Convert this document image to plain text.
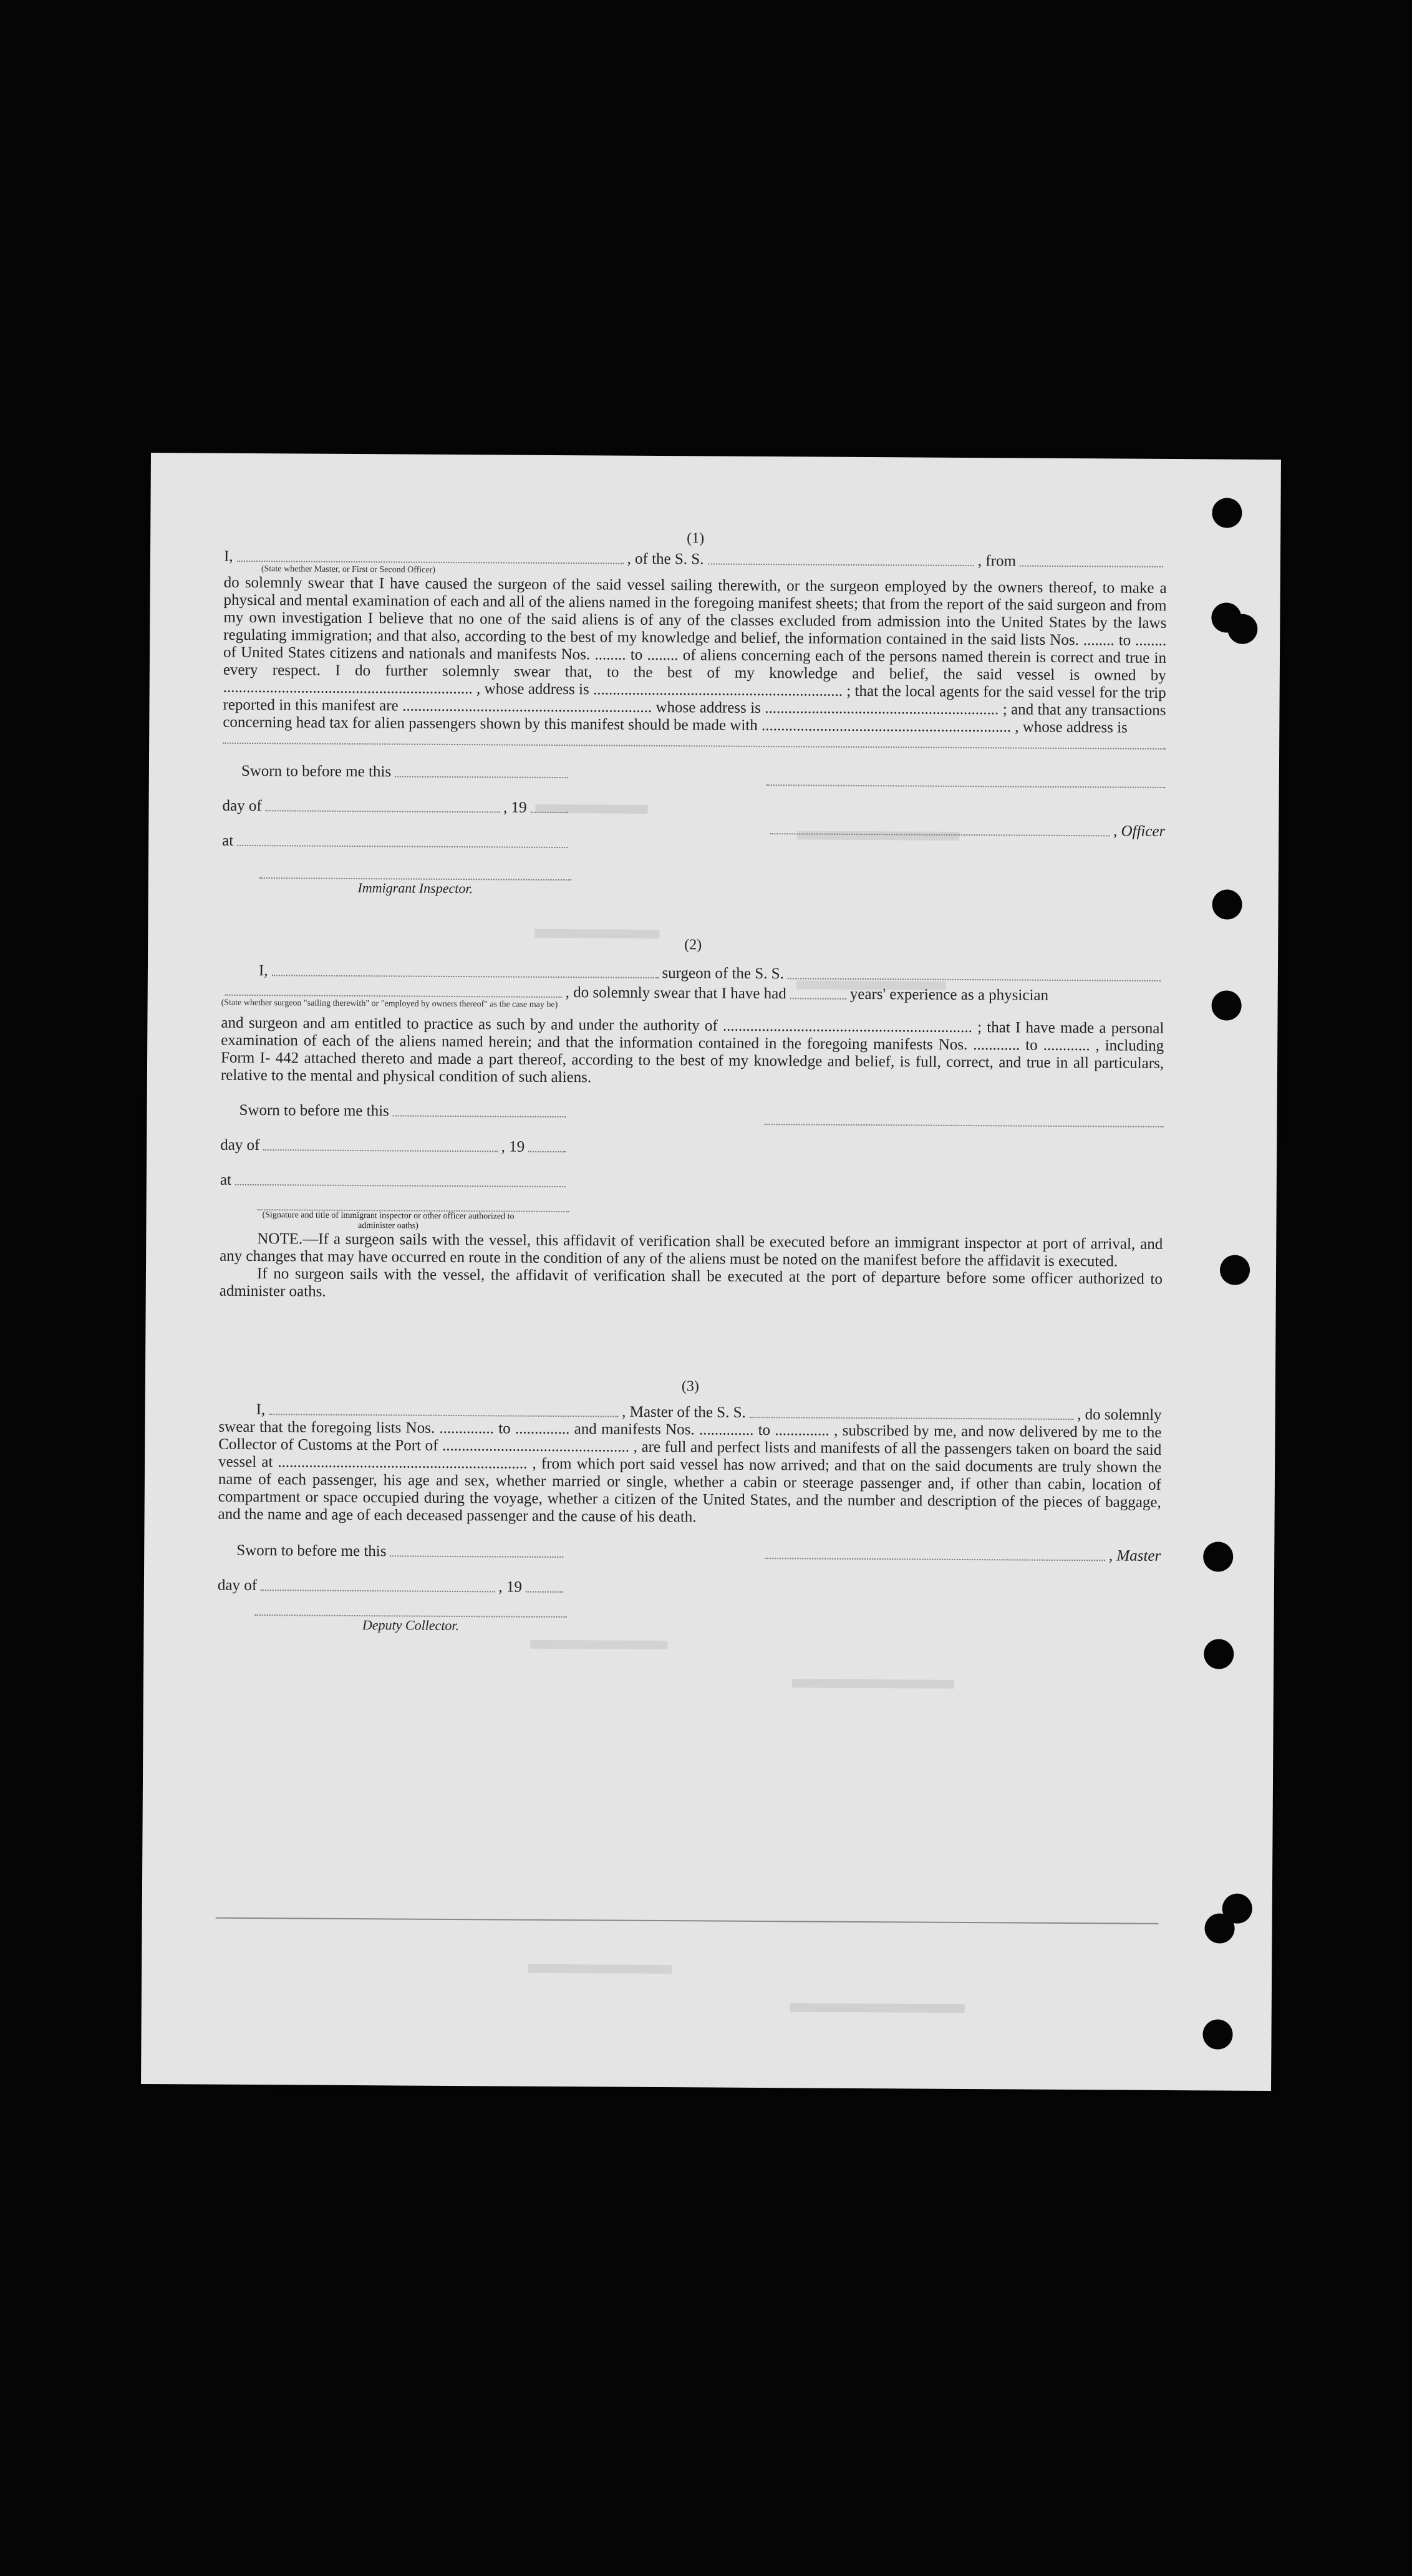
(1)
I,	, of the S. S.	, from
(State whether Master, or First or Second Officer)

do solemnly swear that I have caused the surgeon of the said vessel sailing therewith, or the surgeon employed by the owners thereof, to make a physical and mental examination of each and all of the aliens named in the foregoing manifest sheets; that from the report of the said surgeon and from my own investigation I believe that no one of the said aliens is of any of the classes excluded from admission into the United States by the laws regulating immigration; and that also, according to the best of my knowledge and belief, the information contained in the said lists Nos. ........ to ........ of United States citizens and nationals and manifests Nos. ........ to ........ of aliens concerning each of the persons named therein is correct and true in every respect. I do further solemnly swear that, to the best of my knowledge and belief, the said vessel is owned by ................................................................ , whose address is ................................................................ ; that the local agents for the said vessel for the trip reported in this manifest are ................................................................ whose address is ............................................................ ; and that any transactions concerning head tax for alien passengers shown by this manifest should be made with ................................................................ , whose address is

Sworn to before me this
day of	, 19
at
Immigrant Inspector.
, Officer
(2)
I,	surgeon of the S. S.
, do solemnly swear that I have had	years' experience as a physician
(State whether surgeon "sailing therewith" or "employed by owners thereof" as the case may be)

and surgeon and am entitled to practice as such by and under the authority of ................................................................ ; that I have made a personal examination of each of the aliens named herein; and that the information contained in the foregoing manifests Nos. ............ to ............ , including Form I- 442 attached thereto and made a part thereof, according to the best of my knowledge and belief, is full, correct, and true in all particulars, relative to the mental and physical condition of such aliens.

Sworn to before me this
day of	, 19
at
(Signature and title of immigrant inspector or other officer authorized to administer oaths)

NOTE.—If a surgeon sails with the vessel, this affidavit of verification shall be executed before an immigrant inspector at port of arrival, and any changes that may have occurred en route in the condition of any of the aliens must be noted on the manifest before the affidavit is executed.

If no surgeon sails with the vessel, the affidavit of verification shall be executed at the port of departure before some officer authorized to administer oaths.

(3)
I,	, Master of the S. S.	, do solemnly

swear that the foregoing lists Nos. .............. to .............. and manifests Nos. .............. to .............. , subscribed by me, and now delivered by me to the Collector of Customs at the Port of ................................................ , are full and perfect lists and manifests of all the passengers taken on board the said vessel at ................................................................ , from which port said vessel has now arrived; and that on the said documents are truly shown the name of each passenger, his age and sex, whether married or single, whether a cabin or steerage passenger and, if other than cabin, location of compartment or space occupied during the voyage, whether a citizen of the United States, and the number and description of the pieces of baggage, and the name and age of each deceased passenger and the cause of his death.

Sworn to before me this
day of	, 19
Deputy Collector.
, Master
